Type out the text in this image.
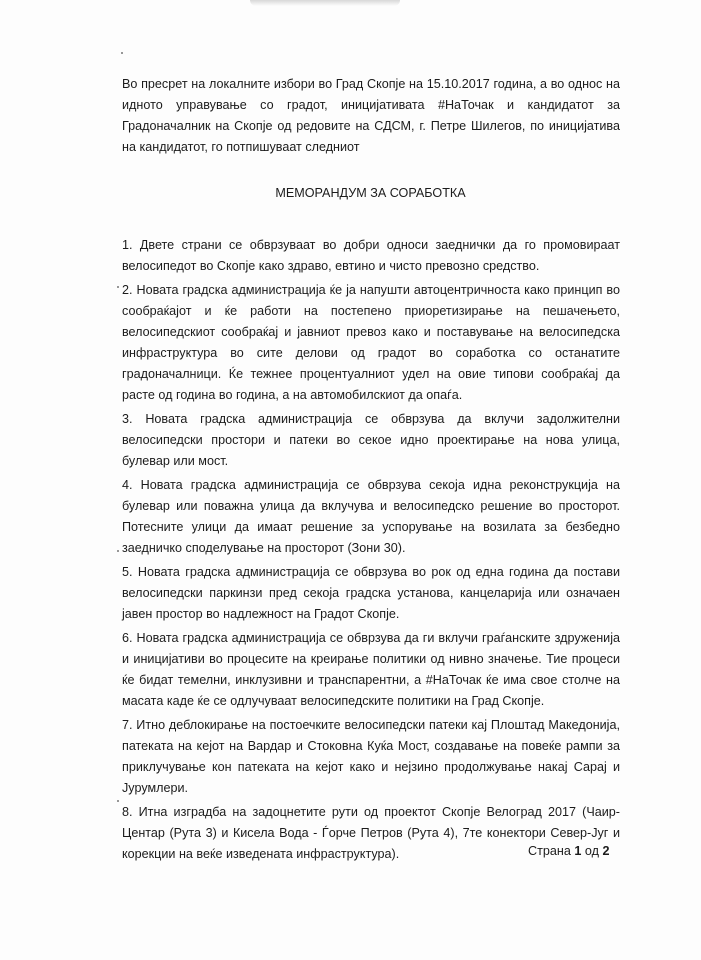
Во пресрет на локалните избори во Град Скопје на 15.10.2017 година, а во однос на идното управување со градот, иницијативата #НаТочак и кандидатот за Градоначалник на Скопје од редовите на СДСМ, г. Петре Шилегов, по иницијатива на кандидатот, го потпишуваат следниот

МЕМОРАНДУМ ЗА СОРАБОТКА

1. Двете страни се обврзуваат во добри односи заеднички да го промовираат велосипедот во Скопје како здраво, евтино и чисто превозно средство.

2. Новата градска администрација ќе ја напушти автоцентричноста како принцип во сообраќајот и ќе работи на постепено приоретизирање на пешачењето, велосипедскиот сообраќај и јавниот превоз како и поставување на велосипедска инфраструктура во сите делови од градот во соработка со останатите градоначалници. Ќе тежнее процентуалниот удел на овие типови сообраќај да расте од година во година, а на автомобилскиот да опаѓа.

3. Новата градска администрација се обврзува да вклучи задолжителни велосипедски простори и патеки во секое идно проектирање на нова улица, булевар или мост.

4. Новата градска администрација се обврзува секоја идна реконструкција на булевар или поважна улица да вклучува и велосипедско решение во просторот. Потесните улици да имаат решение за успорување на возилата за безбедно заедничко споделување на просторот (Зони 30).

5. Новата градска администрација се обврзува во рок од една година да постави велосипедски паркинзи пред секоја градска установа, канцеларија или означаен јавен простор во надлежност на Градот Скопје.

6. Новата градска администрација се обврзува да ги вклучи граѓанските здруженија и иницијативи во процесите на креирање политики од нивно значење. Тие процеси ќе бидат темелни, инклузивни и транспарентни, а #НаТочак ќе има свое столче на масата каде ќе се одлучуваат велосипедските политики на Град Скопје.

7. Итно деблокирање на постоечките велосипедски патеки кај Плоштад Македонија, патеката на кејот на Вардар и Стоковна Куќа Мост, создавање на повеќе рампи за приклучување кон патеката на кејот како и нејзино продолжување накај Сарај и Јурумлери.

8. Итна изградба на задоцнетите рути од проектот Скопје Велоград 2017 (Чаир-Центар (Рута 3) и Кисела Вода - Ѓорче Петров (Рута 4), 7те конектори Север-Југ и корекции на веќе изведената инфраструктура).	Страна 1 од 2
